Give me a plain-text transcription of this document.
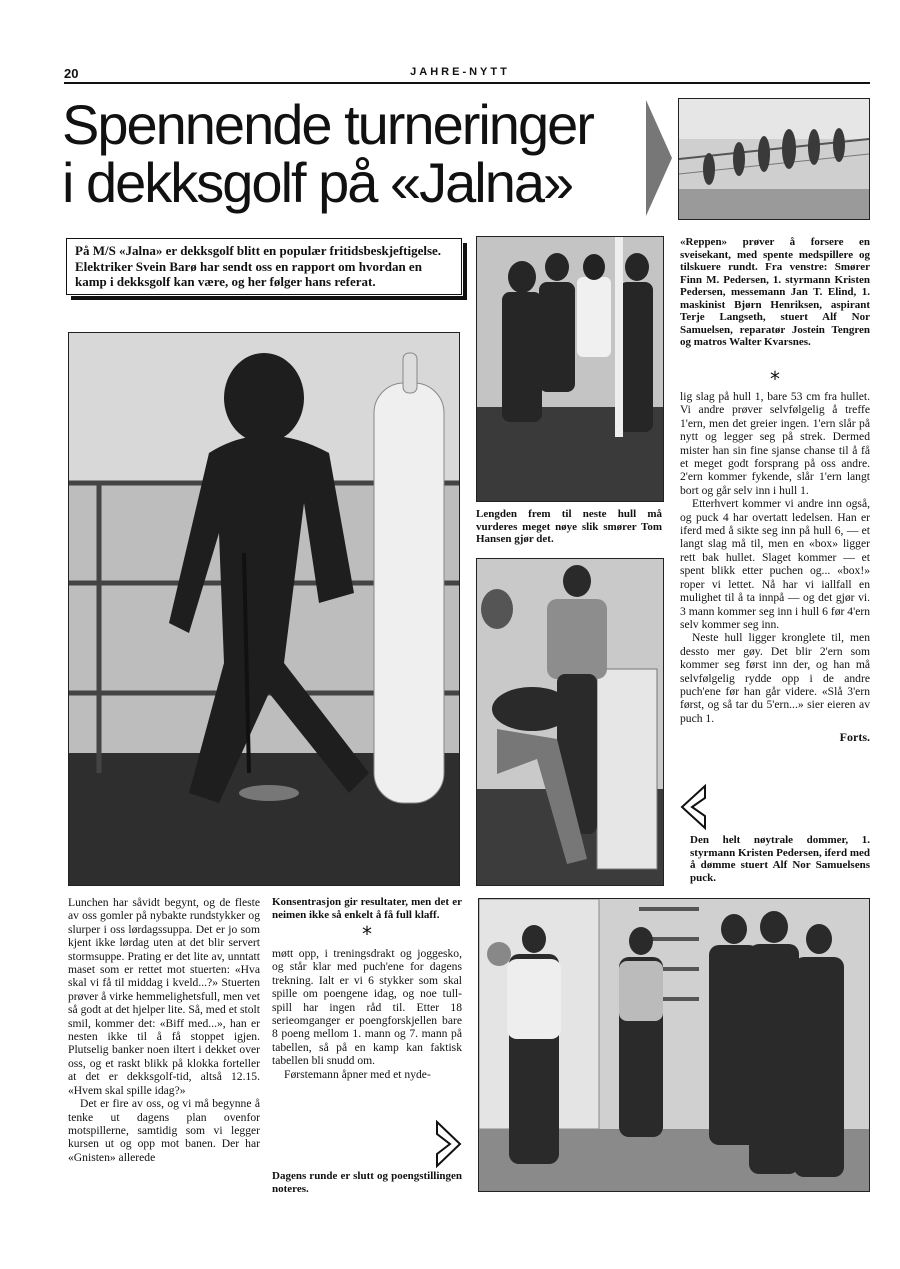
20	JAHRE-NYTT
Spennende turneringer
i dekksgolf på «Jalna»
På M/S «Jalna» er dekksgolf blitt en populær fritidsbeskjeftigelse. Elektriker Svein Barø har sendt oss en rapport om hvordan en kamp i dekksgolf kan være, og her følger hans referat.
Lengden frem til neste hull må vurderes meget nøye slik smører Tom Hansen gjør det.
«Reppen» prøver å forsere en sveisekant, med spente medspillere og tilskuere rundt. Fra venstre: Smører Finn M. Pedersen, 1. styrmann Kristen Pedersen, messemann Jan T. Elind, 1. maskinist Bjørn Henriksen, aspirant Terje Langseth, stuert Alf Nor Samuelsen, reparatør Jostein Tengren og matros Walter Kvarsnes.
*

lig slag på hull 1, bare 53 cm fra hullet. Vi andre prøver selvfølgelig å treffe 1'ern, men det greier ingen. 1'ern slår på nytt og legger seg på strek. Dermed mister han sin fine sjanse chanse til å få et meget godt forsprang på oss andre. 2'ern kommer fykende, slår 1'ern langt bort og går selv inn i hull 1.

Etterhvert kommer vi andre inn også, og puck 4 har overtatt ledelsen. Han er iferd med å sikte seg inn på hull 6, — et langt slag må til, men en «box» ligger rett bak hullet. Slaget kommer — et spent blikk etter puchen og... «box!» roper vi lettet. Nå har vi iallfall en mulighet til å ta innpå — og det gjør vi. 3 mann kommer seg inn i hull 6 før 4'ern selv kommer seg inn.

Neste hull ligger kronglete til, men dessto mer gøy. Det blir 2'ern som kommer seg først inn der, og han må selvfølgelig rydde opp i de andre puch'ene før han går videre. «Slå 3'ern først, og så tar du 5'ern...» sier eieren av puch 1.

Forts.
Den helt nøytrale dommer, 1. styrmann Kristen Pedersen, iferd med å dømme stuert Alf Nor Samuelsens puck.

Lunchen har såvidt begynt, og de fleste av oss gomler på nybakte rundstykker og slurper i oss lørdagssuppa. Det er jo som kjent ikke lørdag uten at det blir servert stormsuppe. Prating er det lite av, unntatt maset som er rettet mot stuerten: «Hva skal vi få til middag i kveld...?» Stuerten prøver å virke hemmelighetsfull, men vet så godt at det hjelper lite. Så, med et stolt smil, kommer det: «Biff med...», han er nesten ikke til å få stoppet igjen. Plutselig banker noen iltert i dekket over oss, og et raskt blikk på klokka forteller at det er dekksgolf-tid, altså 12.15. «Hvem skal spille idag?»

Det er fire av oss, og vi må begynne å tenke ut dagens plan ovenfor motspillerne, samtidig som vi legger kursen ut og opp mot banen. Der har «Gnisten» allerede

Konsentrasjon gir resultater, men det er neimen ikke så enkelt å få full klaff.
*

møtt opp, i treningsdrakt og joggesko, og står klar med puch'ene for dagens trekning. Ialt er vi 6 stykker som skal spille om poengene idag, og noe tull-spill har ingen råd til. Etter 18 serieomganger er poengforskjellen bare 8 poeng mellom 1. mann og 7. mann på tabellen, så på en kamp kan faktisk tabellen bli snudd om.

Førstemann åpner med et nyde-

Dagens runde er slutt og poengstillingen noteres.
